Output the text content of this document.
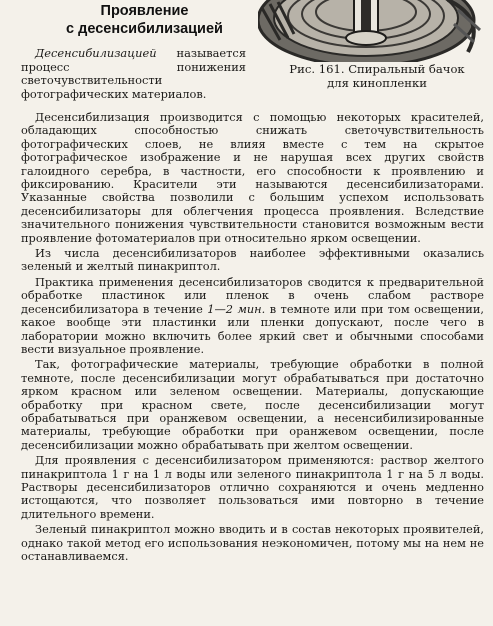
Проявление
с десенсибилизацией

Десенсибилизацией называется процесс понижения светочувствительности фотографических материалов.

Рис. 161. Спиральный бачок
для кинопленки

Десенсибилизация производится с помощью некоторых красителей, обладающих способностью снижать светочувствительность фотографических слоев, не влияя вместе с тем на скрытое фотографическое изображение и не нарушая всех других свойств галоидного серебра, в частности, его способности к проявлению и фиксированию. Красители эти называются десенсибилизаторами. Указанные свойства позволили с большим успехом использовать десенсибилизаторы для облегчения процесса проявления. Вследствие значительного понижения чувствительности становится возможным вести проявление фотоматериалов при относительно ярком освещении.

Из числа десенсибилизаторов наиболее эффективными оказались зеленый и желтый пинакриптол.

Практика применения десенсибилизаторов сводится к предварительной обработке пластинок или пленок в очень слабом растворе десенсибилизатора в течение 1—2 мин. в темноте или при том освещении, какое вообще эти пластинки или пленки допускают, после чего в лаборатории можно включить более яркий свет и обычными способами вести визуальное проявление.

Так, фотографические материалы, требующие обработки в полной темноте, после десенсибилизации могут обрабатываться при достаточно ярком красном или зеленом освещении. Материалы, допускающие обработку при красном свете, после десенсибилизации могут обрабатываться при оранжевом освещении, а несенсибилизированные материалы, требующие обработки при оранжевом освещении, после десенсибилизации можно обрабатывать при желтом освещении.

Для проявления с десенсибилизатором применяются: раствор желтого пинакриптола 1 г на 1 л воды или зеленого пинакриптола 1 г на 5 л воды. Растворы десенсибилизаторов отлично сохраняются и очень медленно истощаются, что позволяет пользоваться ими повторно в течение длительного времени.

Зеленый пинакриптол можно вводить и в состав некоторых проявителей, однако такой метод его использования неэкономичен, потому мы на нем не останавливаемся.
